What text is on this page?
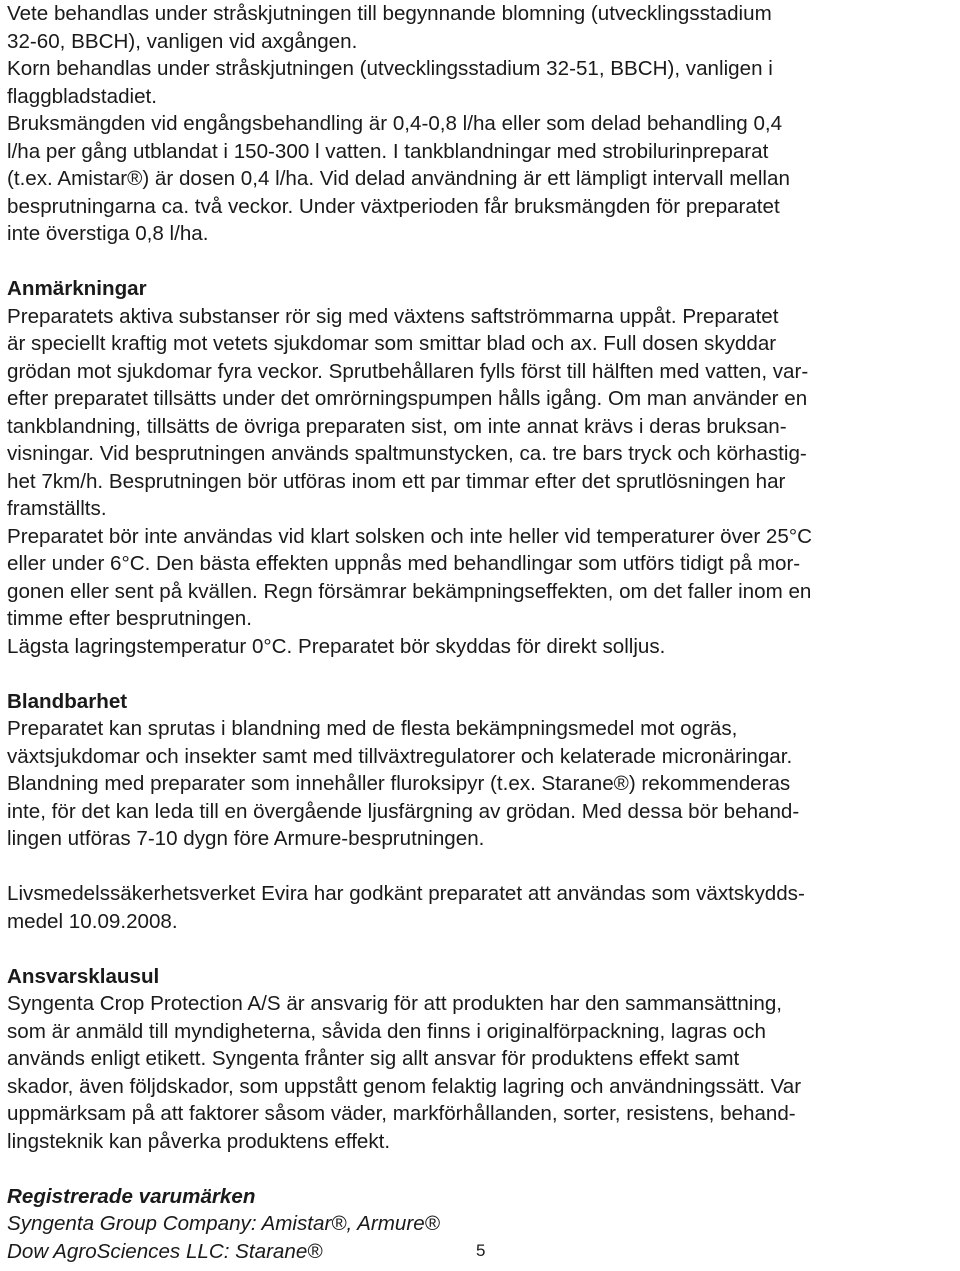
Vete behandlas under stråskjutningen till begynnande blomning (utvecklingsstadium
32-60, BBCH), vanligen vid axgången.
Korn behandlas under stråskjutningen (utvecklingsstadium 32-51, BBCH), vanligen i
flaggbladstadiet.
Bruksmängden vid engångsbehandling är 0,4-0,8 l/ha eller som delad behandling 0,4
l/ha per gång utblandat i 150-300 l vatten. I tankblandningar med strobilurinpreparat
(t.ex. Amistar®) är dosen 0,4 l/ha. Vid delad användning är ett lämpligt intervall mellan
besprutningarna ca. två veckor. Under växtperioden får bruksmängden för preparatet
inte överstiga 0,8 l/ha.

Anmärkningar

Preparatets aktiva substanser rör sig med växtens saftströmmarna uppåt. Preparatet
är speciellt kraftig mot vetets sjukdomar som smittar blad och ax. Full dosen skyddar
grödan mot sjukdomar fyra veckor. Sprutbehållaren fylls först till hälften med vatten, var-
efter preparatet tillsätts under det omrörningspumpen hålls igång. Om man använder en
tankblandning, tillsätts de övriga preparaten sist, om inte annat krävs i deras bruksan-
visningar. Vid besprutningen används spaltmunstycken, ca. tre bars tryck och körhastig-
het 7km/h. Besprutningen bör utföras inom ett par timmar efter det sprutlösningen har
framställts.

Preparatet bör inte användas vid klart solsken och inte heller vid temperaturer över 25°C
eller under 6°C. Den bästa effekten uppnås med behandlingar som utförs tidigt på mor-
gonen eller sent på kvällen. Regn försämrar bekämpningseffekten, om det faller inom en
timme efter besprutningen.

Lägsta lagringstemperatur 0°C. Preparatet bör skyddas för direkt solljus.

Blandbarhet

Preparatet kan sprutas i blandning med de flesta bekämpningsmedel mot ogräs,
växtsjukdomar och insekter samt med tillväxtregulatorer och kelaterade micronäringar.
Blandning med preparater som innehåller fluroksipyr (t.ex. Starane®) rekommenderas
inte, för det kan leda till en övergående ljusfärgning av grödan. Med dessa bör behand-
lingen utföras 7-10 dygn före Armure-besprutningen.

Livsmedelssäkerhetsverket Evira har godkänt preparatet att användas som växtskydds-
medel 10.09.2008.

Ansvarsklausul

Syngenta Crop Protection A/S är ansvarig för att produkten har den sammansättning,
som är anmäld till myndigheterna, såvida den finns i originalförpackning, lagras och
används enligt etikett. Syngenta frånter sig allt ansvar för produktens effekt samt
skador, även följdskador, som uppstått genom felaktig lagring och användningssätt. Var
uppmärksam på att faktorer såsom väder, markförhållanden, sorter, resistens, behand-
lingsteknik kan påverka produktens effekt.

Registrerade varumärken

Syngenta Group Company: Amistar®, Armure®

Dow AgroSciences LLC: Starane®	5
